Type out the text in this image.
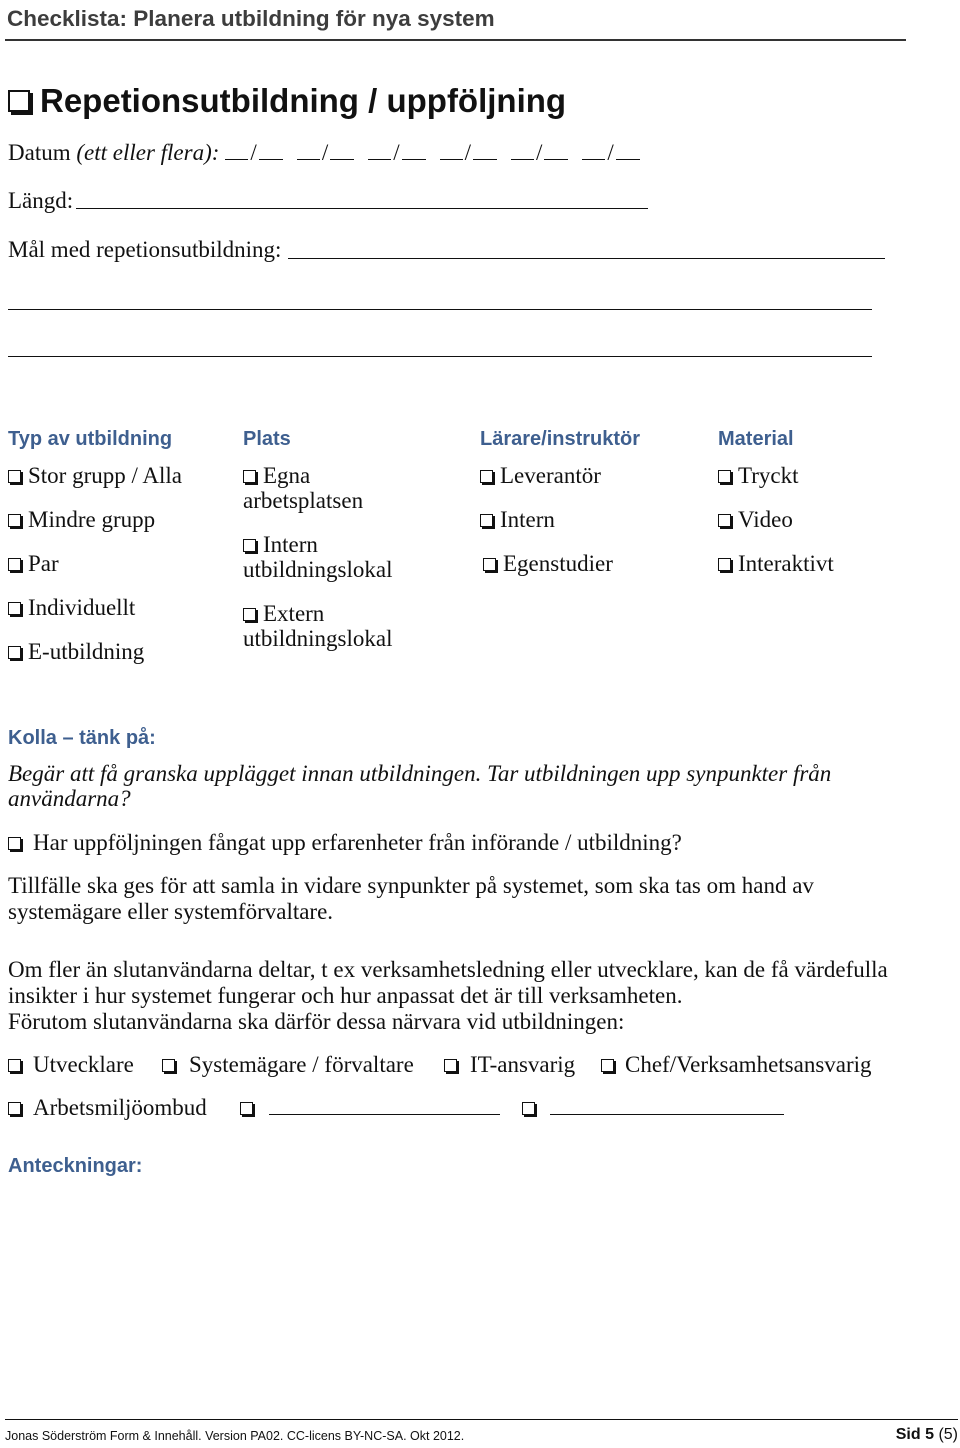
Checklista: Planera utbildning för nya system
Repetionsutbildning / uppföljning
Datum (ett eller flera): /	/	/	/	/	/
Längd:
Mål med repetionsutbildning:
Typ av utbildning
Stor grupp / Alla
Mindre grupp
Par
Individuellt
E-utbildning
Plats
Egna arbetsplatsen
Intern utbildningslokal
Extern utbildningslokal
Lärare/instruktör
Leverantör
Intern
Egenstudier
Material
Tryckt
Video
Interaktivt
Kolla – tänk på:
Begär att få granska upplägget innan utbildningen. Tar utbildningen upp synpunkter från
användarna?
Har uppföljningen fångat upp erfarenheter från införande / utbildning?
Tillfälle ska ges för att samla in vidare synpunkter på systemet, som ska tas om hand av
systemägare eller systemförvaltare.
Om fler än slutanvändarna deltar, t ex verksamhetsledning eller utvecklare, kan de få värdefulla
insikter i hur systemet fungerar och hur anpassat det är till verksamheten.
Förutom slutanvändarna ska därför dessa närvara vid utbildningen:
Utvecklare	Systemägare / förvaltare	IT-ansvarig	Chef/Verksamhetsansvarig
Arbetsmiljöombud
Anteckningar:
Jonas Söderström Form & Innehåll. Version PA02. CC-licens BY-NC-SA. Okt 2012.	Sid 5 (5)
